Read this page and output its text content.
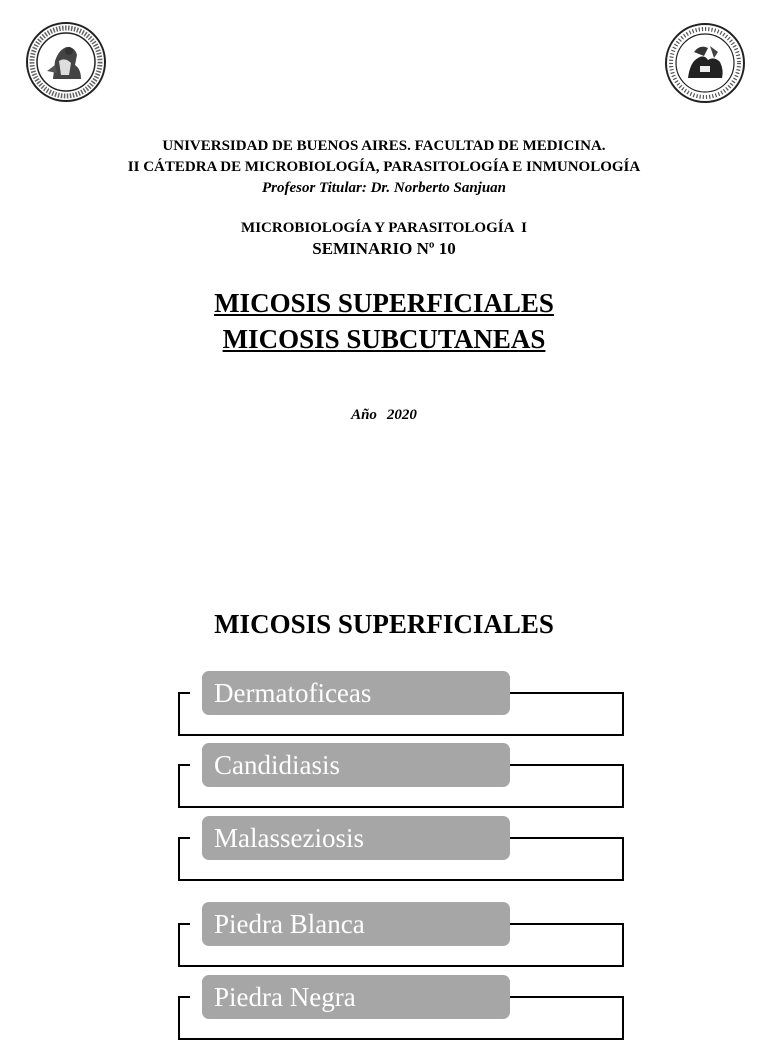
UNIVERSIDAD DE BUENOS AIRES. FACULTAD DE MEDICINA.
II CÁTEDRA DE MICROBIOLOGÍA, PARASITOLOGÍA E INMUNOLOGÍA
Profesor Titular: Dr. Norberto Sanjuan
MICROBIOLOGÍA Y PARASITOLOGÍA  I
SEMINARIO Nº 10
MICOSIS SUPERFICIALES
MICOSIS SUBCUTANEAS
Año 2020
MICOSIS SUPERFICIALES
Dermatoficeas
Candidiasis
Malasseziosis
Piedra Blanca
Piedra Negra
